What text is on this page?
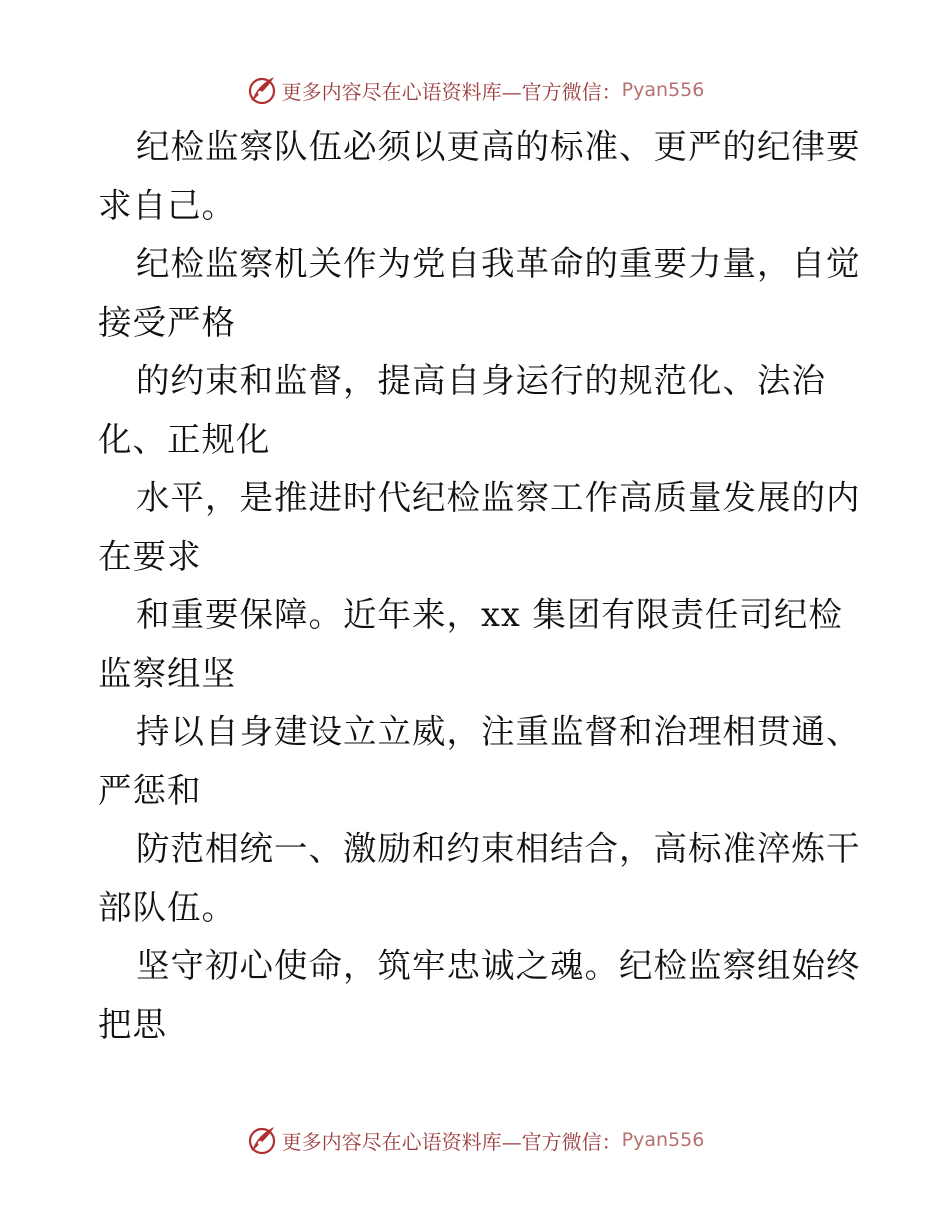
更多内容尽在心语资料库—官方微信： Pyan556
纪检监察队伍必须以更高的标准、更严的纪律要
求自己。
纪检监察机关作为党自我革命的重要力量，自觉
接受严格
的约束和监督，提高自身运行的规范化、法治
化、正规化
水平，是推进时代纪检监察工作高质量发展的内
在要求
和重要保障。近年来，xx 集团有限责任司纪检
监察组坚
持以自身建设立立威，注重监督和治理相贯通、
严惩和
防范相统一、激励和约束相结合，高标准淬炼干
部队伍。
坚守初心使命，筑牢忠诚之魂。纪检监察组始终
把思
更多内容尽在心语资料库—官方微信： Pyan556
